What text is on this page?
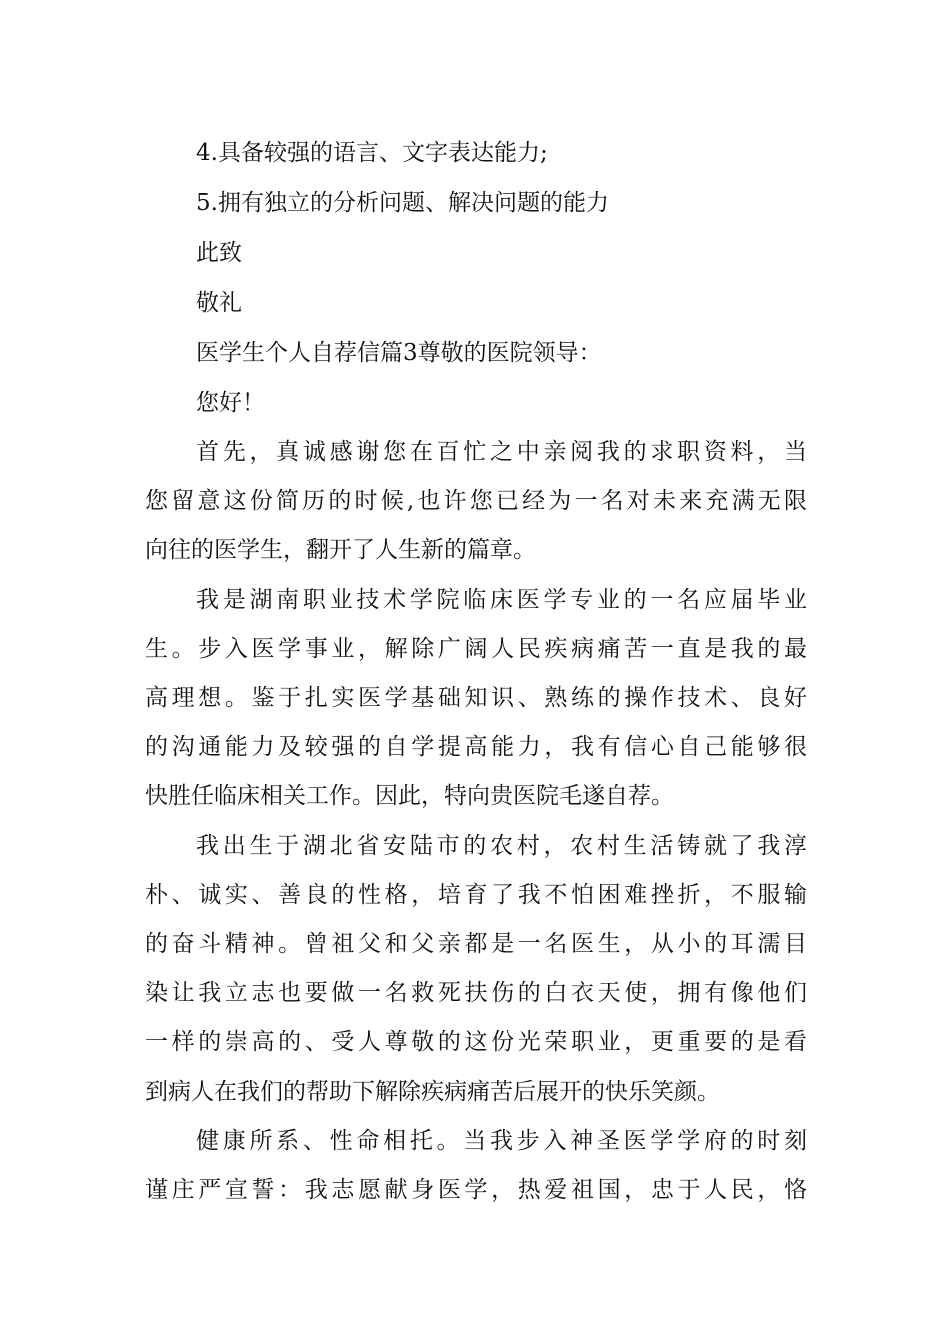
4.具备较强的语言、文字表达能力;
5.拥有独立的分析问题、解决问题的能力
此致
敬礼
医学生个人自荐信篇3尊敬的医院领导：
您好！
首先，真诚感谢您在百忙之中亲阅我的求职资料，当
您留意这份简历的时候,也许您已经为一名对未来充满无限
向往的医学生，翻开了人生新的篇章。
我是湖南职业技术学院临床医学专业的一名应届毕业
生。步入医学事业，解除广阔人民疾病痛苦一直是我的最
高理想。鉴于扎实医学基础知识、熟练的操作技术、良好
的沟通能力及较强的自学提高能力，我有信心自己能够很
快胜任临床相关工作。因此，特向贵医院毛遂自荐。
我出生于湖北省安陆市的农村，农村生活铸就了我淳
朴、诚实、善良的性格，培育了我不怕困难挫折，不服输
的奋斗精神。曾祖父和父亲都是一名医生，从小的耳濡目
染让我立志也要做一名救死扶伤的白衣天使，拥有像他们
一样的崇高的、受人尊敬的这份光荣职业，更重要的是看
到病人在我们的帮助下解除疾病痛苦后展开的快乐笑颜。
健康所系、性命相托。当我步入神圣医学学府的时刻
谨庄严宣誓：我志愿献身医学，热爱祖国，忠于人民，恪
